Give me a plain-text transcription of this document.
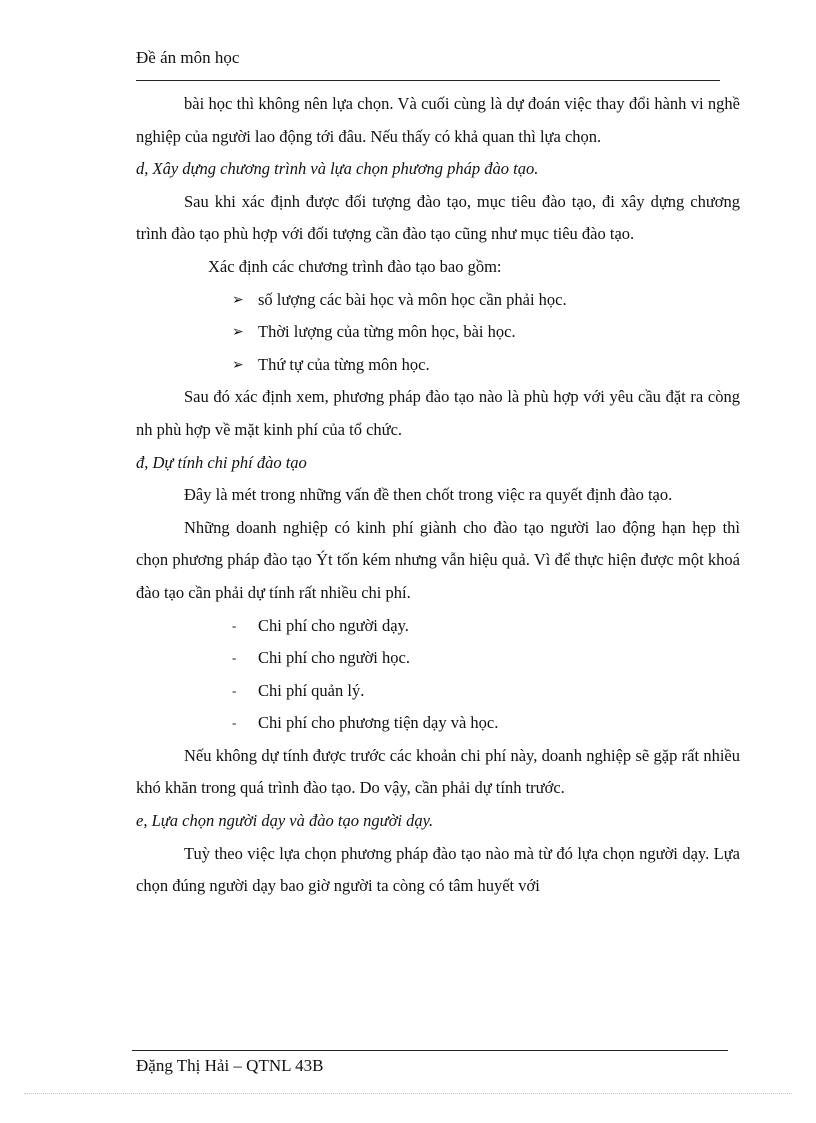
Đề án môn học

bài học thì không nên lựa chọn. Và cuối cùng là dự đoán việc thay đổi hành vi nghề nghiệp của người lao động tới đâu. Nếu thấy có khả quan thì lựa chọn.

d, Xây dựng chương trình và lựa chọn phương pháp đào tạo.

Sau khi xác định được đối tượng đào tạo, mục tiêu đào tạo, đi xây dựng chương trình đào tạo phù hợp với đối tượng cần đào tạo cũng như mục tiêu đào tạo.

Xác định các chương trình đào tạo bao gồm:

➢ số lượng các bài học và môn học cần phải học.
➢ Thời lượng của từng môn học, bài học.
➢ Thứ tự của từng môn học.

Sau đó xác định xem, phương pháp đào tạo nào là phù hợp với yêu cầu đặt ra còng nh phù hợp về mặt kinh phí của tổ chức.

đ, Dự tính chi phí đào tạo

Đây là mét trong những vấn đề then chốt trong việc ra quyết định đào tạo.

Những doanh nghiệp có kinh phí giành cho đào tạo người lao động hạn hẹp thì chọn phương pháp đào tạo Ýt tốn kém nhưng vẫn hiệu quả. Vì để thực hiện được một khoá đào tạo cần phải dự tính rất nhiều chi phí.

-	Chi phí cho người dạy.
-	Chi phí cho người học.
-	Chi phí quản lý.
-	Chi phí cho phương tiện dạy và học.

Nếu không dự tính được trước các khoản chi phí này, doanh nghiệp sẽ gặp rất nhiều khó khăn trong quá trình đào tạo. Do vậy, cần phải dự tính trước.

e, Lựa chọn người dạy và đào tạo người dạy.

Tuỳ theo việc lựa chọn phương pháp đào tạo nào mà từ đó lựa chọn người dạy. Lựa chọn đúng người dạy bao giờ người ta còng có tâm huyết với

Đặng Thị Hải – QTNL 43B
